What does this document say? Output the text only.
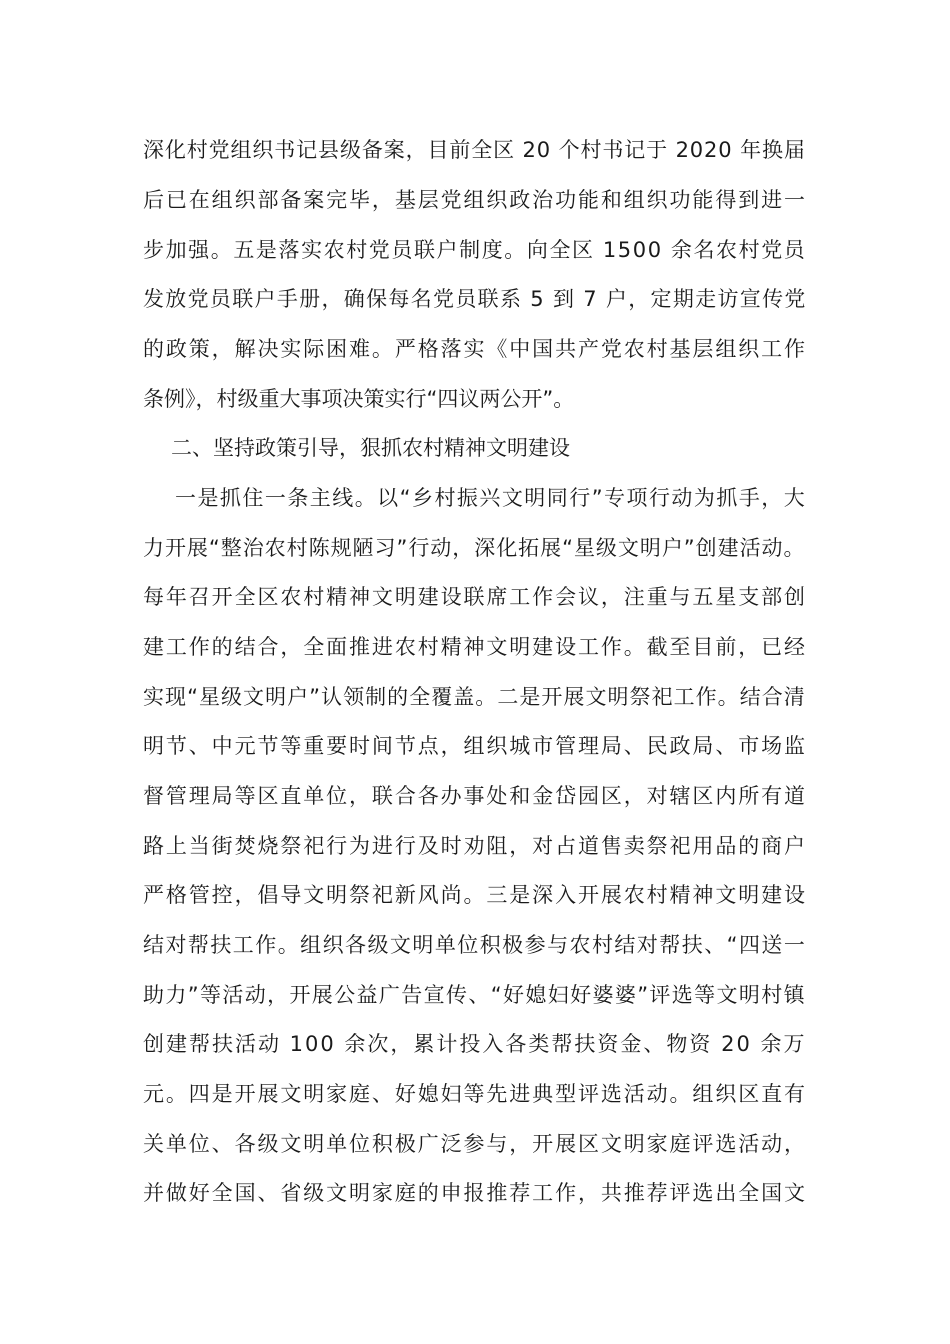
深化村党组织书记县级备案，目前全区 20 个村书记于 2020 年换届
后已在组织部备案完毕，基层党组织政治功能和组织功能得到进一
步加强。五是落实农村党员联户制度。向全区 1500 余名农村党员
发放党员联户手册，确保每名党员联系 5 到 7 户，定期走访宣传党
的政策，解决实际困难。严格落实《中国共产党农村基层组织工作
条例》，村级重大事项决策实行“四议两公开”。
二、坚持政策引导，狠抓农村精神文明建设
一是抓住一条主线。以“乡村振兴文明同行”专项行动为抓手，大
力开展“整治农村陈规陋习”行动，深化拓展“星级文明户”创建活动。
每年召开全区农村精神文明建设联席工作会议，注重与五星支部创
建工作的结合，全面推进农村精神文明建设工作。截至目前，已经
实现“星级文明户”认领制的全覆盖。二是开展文明祭祀工作。结合清
明节、中元节等重要时间节点，组织城市管理局、民政局、市场监
督管理局等区直单位，联合各办事处和金岱园区，对辖区内所有道
路上当街焚烧祭祀行为进行及时劝阻，对占道售卖祭祀用品的商户
严格管控，倡导文明祭祀新风尚。三是深入开展农村精神文明建设
结对帮扶工作。组织各级文明单位积极参与农村结对帮扶、“四送一
助力”等活动，开展公益广告宣传、“好媳妇好婆婆”评选等文明村镇
创建帮扶活动 100 余次，累计投入各类帮扶资金、物资 20 余万
元。四是开展文明家庭、好媳妇等先进典型评选活动。组织区直有
关单位、各级文明单位积极广泛参与，开展区文明家庭评选活动，
并做好全国、省级文明家庭的申报推荐工作，共推荐评选出全国文
